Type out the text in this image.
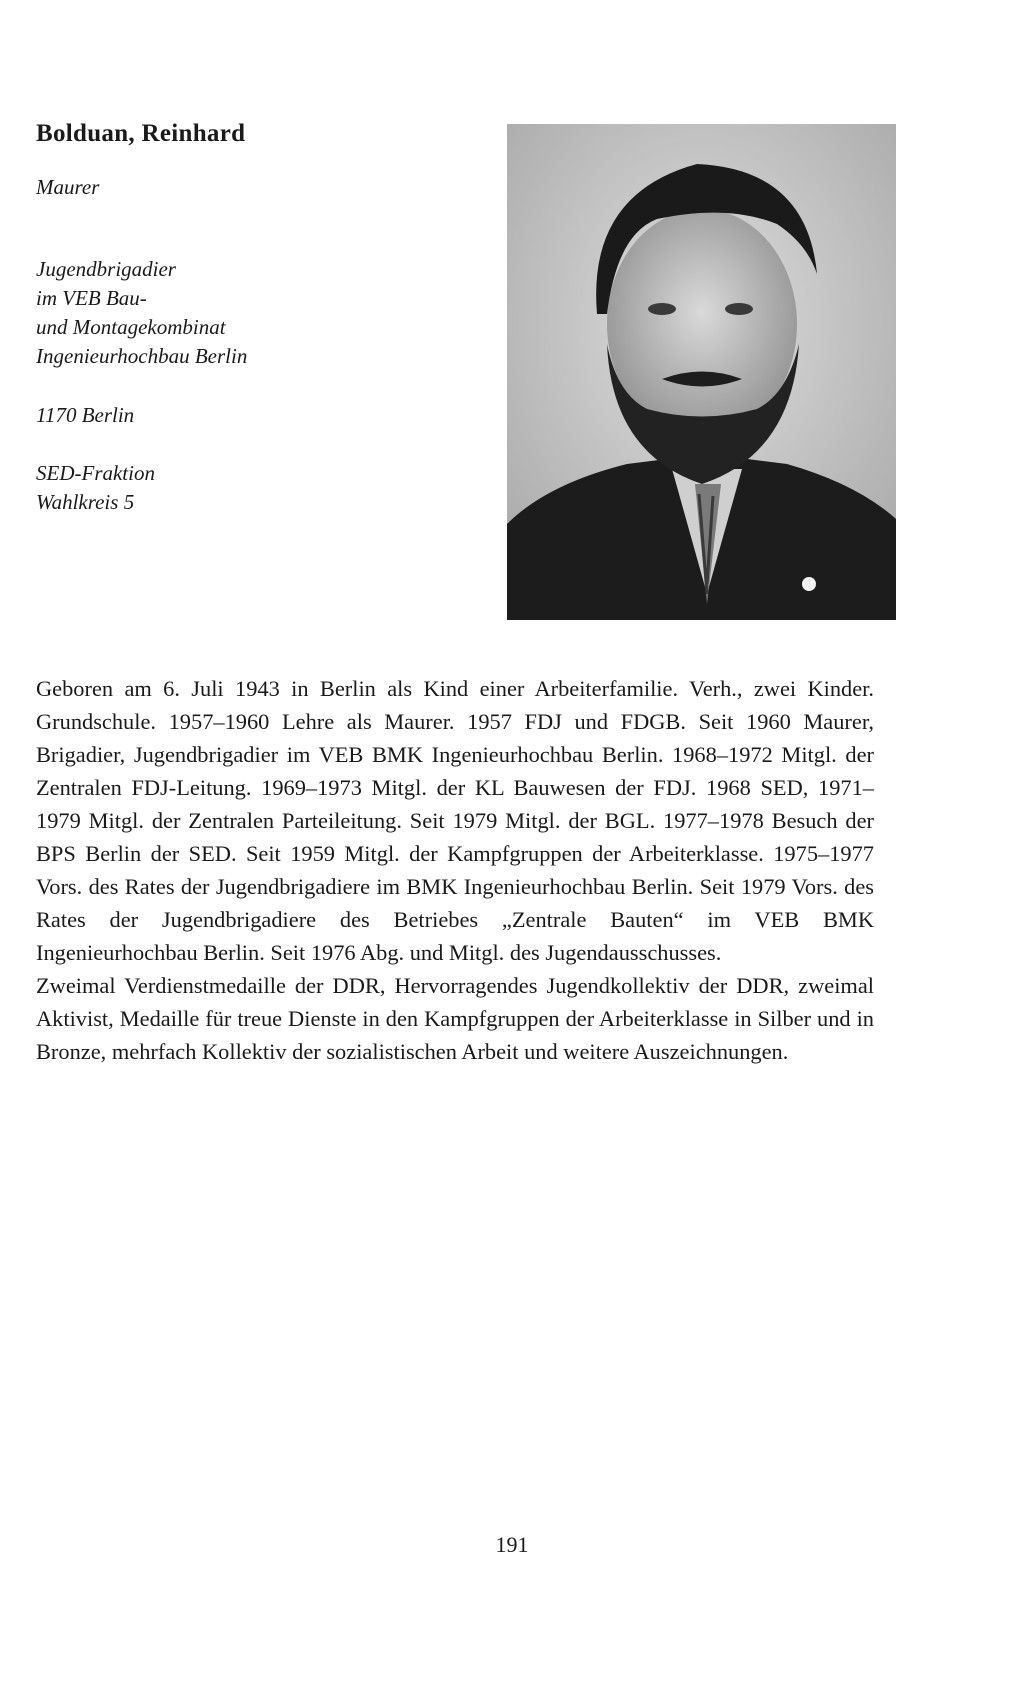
Bolduan, Reinhard
Maurer
Jugendbrigadier
im VEB Bau-
und Montagekombinat
Ingenieurhochbau Berlin
1170 Berlin
SED-Fraktion
Wahlkreis 5

Geboren am 6. Juli 1943 in Berlin als Kind einer Arbeiterfamilie. Verh., zwei Kinder. Grundschule. 1957–1960 Lehre als Maurer. 1957 FDJ und FDGB. Seit 1960 Maurer, Brigadier, Jugendbrigadier im VEB BMK Ingenieurhochbau Berlin. 1968–1972 Mitgl. der Zentralen FDJ-Leitung. 1969–1973 Mitgl. der KL Bauwesen der FDJ. 1968 SED, 1971–1979 Mitgl. der Zentralen Parteileitung. Seit 1979 Mitgl. der BGL. 1977–1978 Besuch der BPS Berlin der SED. Seit 1959 Mitgl. der Kampfgruppen der Arbeiterklasse. 1975–1977 Vors. des Rates der Jugendbrigadiere im BMK Ingenieurhochbau Berlin. Seit 1979 Vors. des Rates der Jugendbrigadiere des Betriebes „Zentrale Bauten“ im VEB BMK Ingenieurhochbau Berlin. Seit 1976 Abg. und Mitgl. des Jugendausschusses.

Zweimal Verdienstmedaille der DDR, Hervorragendes Jugendkollektiv der DDR, zweimal Aktivist, Medaille für treue Dienste in den Kampfgruppen der Arbeiterklasse in Silber und in Bronze, mehrfach Kollektiv der sozialistischen Arbeit und weitere Auszeichnungen.

191
